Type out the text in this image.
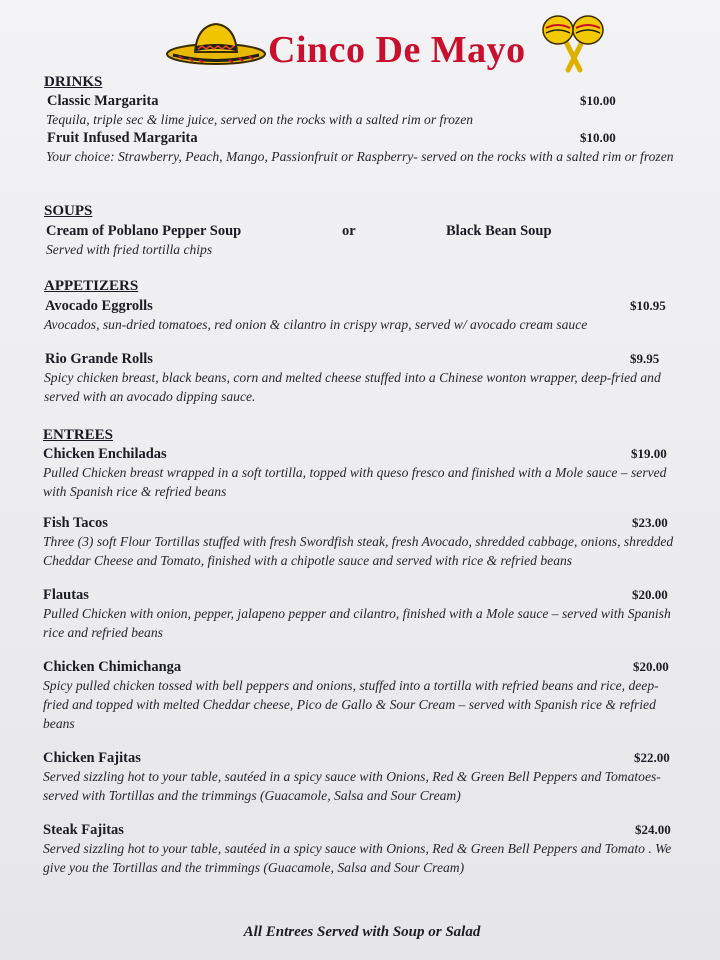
Cinco De Mayo
DRINKS
Classic Margarita	$10.00
Tequila, triple sec & lime juice, served on the rocks with a salted rim or frozen
Fruit Infused Margarita	$10.00
Your choice: Strawberry, Peach, Mango, Passionfruit or Raspberry- served on the rocks with a salted rim or frozen
SOUPS
Cream of Poblano Pepper Soup	or	Black Bean Soup
Served with fried tortilla chips
APPETIZERS
Avocado Eggrolls	$10.95
Avocados, sun-dried tomatoes, red onion & cilantro in crispy wrap, served w/ avocado cream sauce
Rio Grande Rolls	$9.95
Spicy chicken breast, black beans, corn and melted cheese stuffed into a Chinese wonton wrapper, deep-fried and served with an avocado dipping sauce.
ENTREES
Chicken Enchiladas	$19.00
Pulled Chicken breast wrapped in a soft tortilla, topped with queso fresco and finished with a Mole sauce – served with Spanish rice & refried beans
Fish Tacos	$23.00
Three (3) soft Flour Tortillas stuffed with fresh Swordfish steak, fresh Avocado, shredded cabbage, onions, shredded Cheddar Cheese and Tomato, finished with a chipotle sauce and served with rice & refried beans
Flautas	$20.00
Pulled Chicken with onion, pepper, jalapeno pepper and cilantro, finished with a Mole sauce – served with Spanish rice and refried beans
Chicken Chimichanga	$20.00
Spicy pulled chicken tossed with bell peppers and onions, stuffed into a tortilla with refried beans and rice, deep-fried and topped with melted Cheddar cheese, Pico de Gallo & Sour Cream – served with Spanish rice & refried beans
Chicken Fajitas	$22.00
Served sizzling hot to your table, sautéed in a spicy sauce with Onions, Red & Green Bell Peppers and Tomatoes-served with Tortillas and the trimmings (Guacamole, Salsa and Sour Cream)
Steak Fajitas	$24.00
Served sizzling hot to your table, sautéed in a spicy sauce with Onions, Red & Green Bell Peppers and Tomato . We give you the Tortillas and the trimmings (Guacamole, Salsa and Sour Cream)
All Entrees Served with Soup or Salad
